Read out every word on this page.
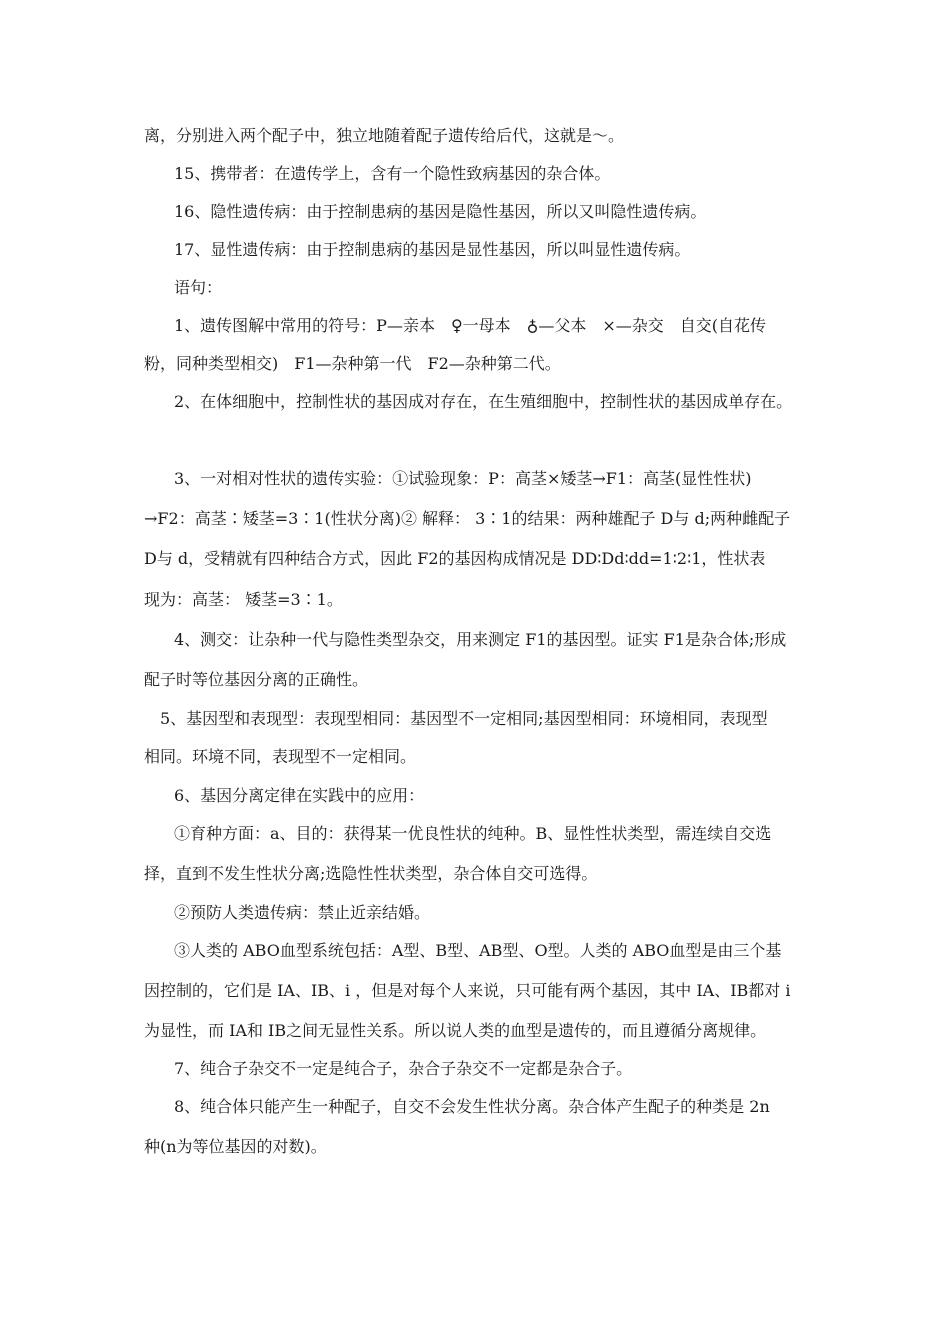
离，分别进入两个配子中，独立地随着配子遗传给后代，这就是～。
15、携带者：在遗传学上，含有一个隐性致病基因的杂合体。
16、隐性遗传病：由于控制患病的基因是隐性基因，所以又叫隐性遗传病。
17、显性遗传病：由于控制患病的基因是显性基因，所以叫显性遗传病。
语句：
1、遗传图解中常用的符号：P—亲本　♀一母本　♁—父本　×—杂交　自交(自花传
粉，同种类型相交)　F1—杂种第一代　F2—杂种第二代。
2、在体细胞中，控制性状的基因成对存在，在生殖细胞中，控制性状的基因成单存在。
3、一对相对性状的遗传实验：①试验现象：P：高茎×矮茎→F1：高茎(显性性状)
→F2：高茎∶矮茎=3∶1(性状分离)② 解释： 3∶1的结果：两种雄配子 D与 d;两种雌配子
D与 d，受精就有四种结合方式，因此 F2的基因构成情况是 DD∶Dd∶dd=1∶2∶1，性状表
现为：高茎： 矮茎=3∶1。
4、测交：让杂种一代与隐性类型杂交，用来测定 F1的基因型。证实 F1是杂合体;形成
配子时等位基因分离的正确性。
5、基因型和表现型：表现型相同：基因型不一定相同;基因型相同：环境相同，表现型
相同。环境不同，表现型不一定相同。
6、基因分离定律在实践中的应用：
①育种方面：a、目的：获得某一优良性状的纯种。B、显性性状类型，需连续自交选
择，直到不发生性状分离;选隐性性状类型，杂合体自交可选得。
②预防人类遗传病：禁止近亲结婚。
③人类的 ABO血型系统包括：A型、B型、AB型、O型。人类的 ABO血型是由三个基
因控制的，它们是 IA、IB、i ，但是对每个人来说，只可能有两个基因，其中 IA、IB都对 i
为显性，而 IA和 IB之间无显性关系。所以说人类的血型是遗传的，而且遵循分离规律。
7、纯合子杂交不一定是纯合子，杂合子杂交不一定都是杂合子。
8、纯合体只能产生一种配子，自交不会发生性状分离。杂合体产生配子的种类是 2n
种(n为等位基因的对数)。
